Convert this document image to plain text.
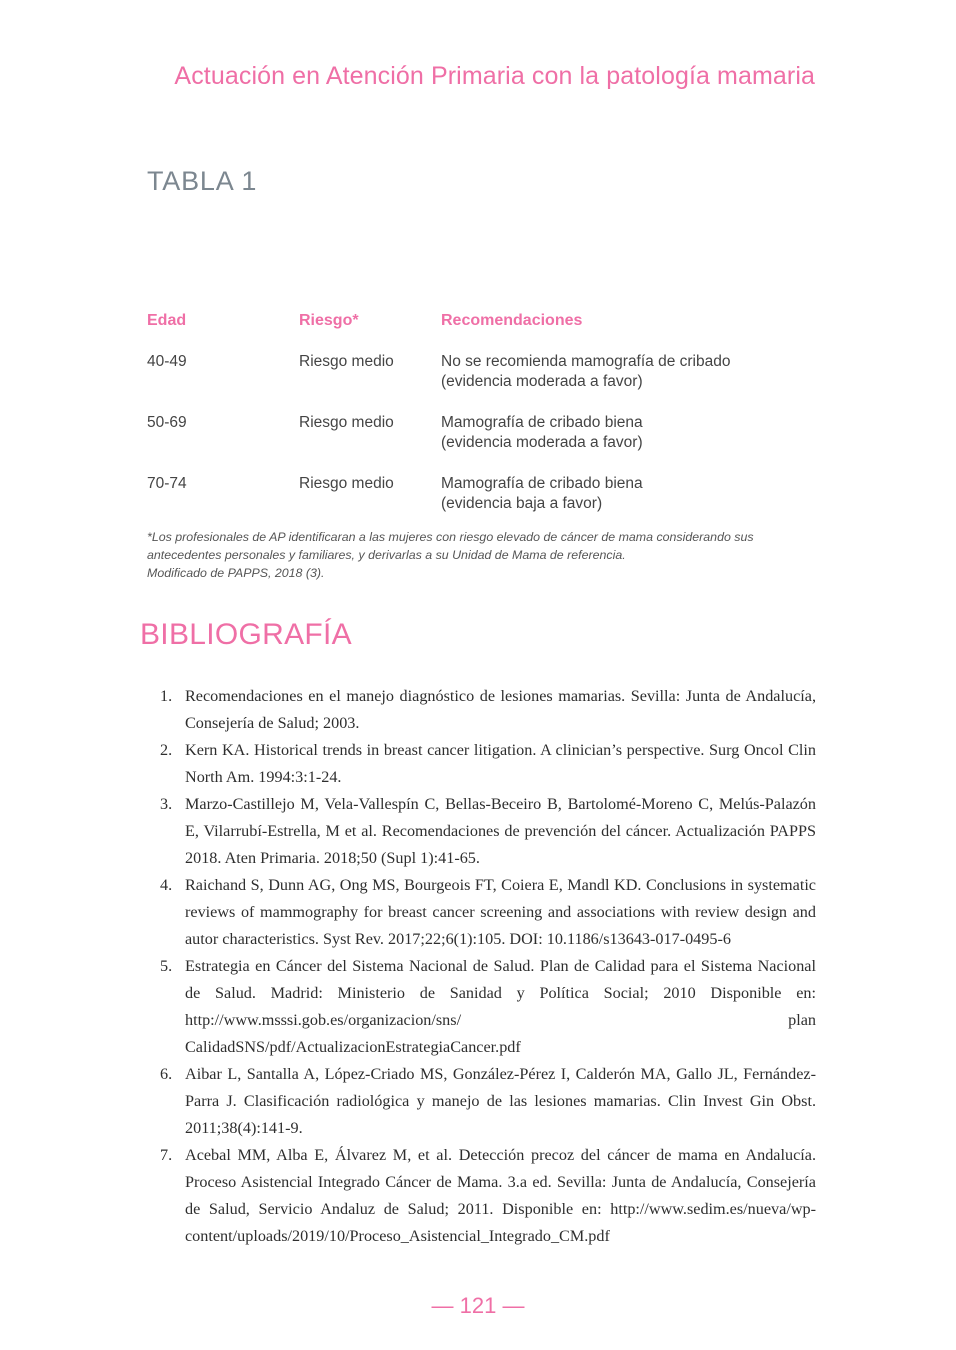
Actuación en Atención Primaria con la patología mamaria
TABLA 1
Edad	Riesgo*	Recomendaciones
40-49	Riesgo medio	No se recomienda mamografía de cribado
(evidencia moderada a favor)
50-69	Riesgo medio	Mamografía de cribado biena
(evidencia moderada a favor)
70-74	Riesgo medio	Mamografía de cribado biena
(evidencia baja a favor)
*Los profesionales de AP identificaran a las mujeres con riesgo elevado de cáncer de mama considerando sus
antecedentes personales y familiares, y derivarlas a su Unidad de Mama de referencia.
Modificado de PAPPS, 2018 (3).
BIBLIOGRAFÍA
1. Recomendaciones en el manejo diagnóstico de lesiones mamarias. Sevilla: Junta de Andalucía, Consejería de Salud; 2003.
2. Kern KA. Historical trends in breast cancer litigation. A clinician’s perspective. Surg Oncol Clin North Am. 1994:3:1-24.
3. Marzo-Castillejo M, Vela-Vallespín C, Bellas-Beceiro B, Bartolomé-Moreno C, Melús-Palazón E, Vilarrubí-Estrella, M et al. Recomendaciones de prevención del cáncer. Actualización PAPPS 2018. Aten Primaria. 2018;50 (Supl 1):41-65.
4. Raichand S, Dunn AG, Ong MS, Bourgeois FT, Coiera E, Mandl KD. Conclusions in systematic reviews of mammography for breast cancer screening and associations with review design and autor characteristics. Syst Rev. 2017;22;6(1):105. DOI: 10.1186/s13643-017-0495-6
5. Estrategia en Cáncer del Sistema Nacional de Salud. Plan de Calidad para el Sistema Nacional de Salud. Madrid: Ministerio de Sanidad y Política Social; 2010 Disponible en: http://www.msssi.gob.es/organizacion/sns/ plan CalidadSNS/pdf/ActualizacionEstrategiaCancer.pdf
6. Aibar L, Santalla A, López-Criado MS, González-Pérez I, Calderón MA, Gallo JL, Fernández-Parra J. Clasificación radiológica y manejo de las lesiones mamarias. Clin Invest Gin Obst. 2011;38(4):141-9.
7. Acebal MM, Alba E, Álvarez M, et al. Detección precoz del cáncer de mama en Andalucía. Proceso Asistencial Integrado Cáncer de Mama. 3.a ed. Sevilla: Junta de Andalucía, Consejería de Salud, Servicio Andaluz de Salud; 2011. Disponible en: http://www.sedim.es/nueva/wp-content/uploads/2019/10/Proceso_Asistencial_Integrado_CM.pdf
— 121 —
